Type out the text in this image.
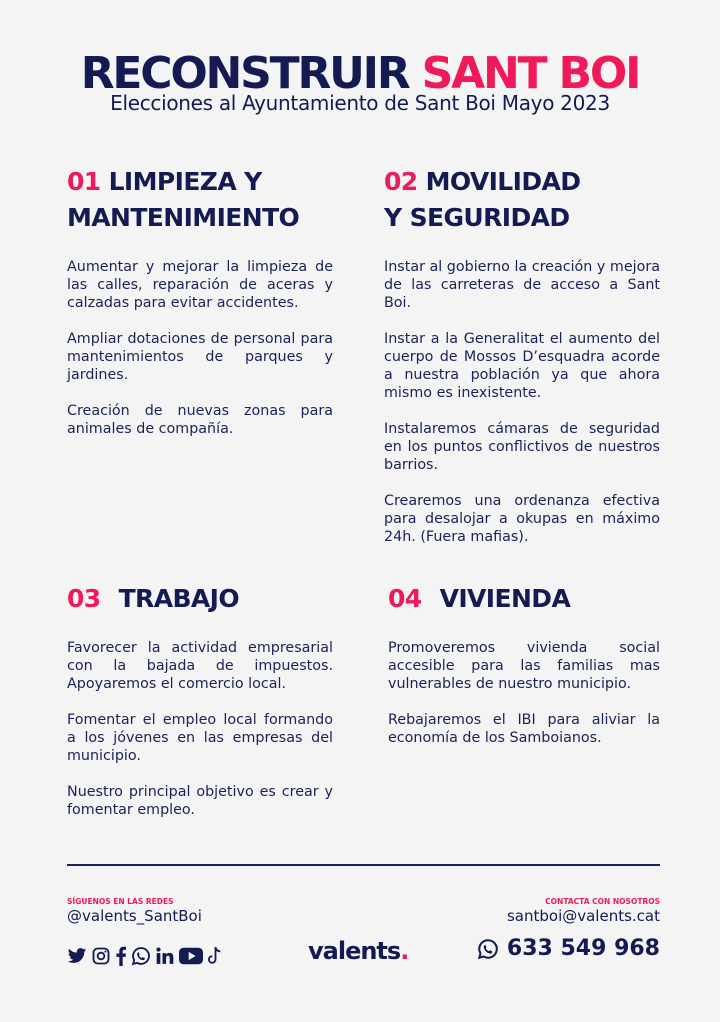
RECONSTRUIR SANT BOI
Elecciones al Ayuntamiento de Sant Boi Mayo 2023
01 LIMPIEZA Y
MANTENIMIENTO

Aumentar y mejorar la limpieza de las calles, reparación de aceras y calzadas para evitar accidentes.

Ampliar dotaciones de personal para mantenimientos de parques y jardines.

Creación de nuevas zonas para animales de compañía.

02 MOVILIDAD
Y SEGURIDAD

Instar al gobierno la creación y mejora de las carreteras de acceso a Sant Boi.

Instar a la Generalitat el aumento del cuerpo de Mossos D’esquadra acorde a nuestra población ya que ahora mismo es inexistente.

Instalaremos cámaras de seguridad en los puntos conflictivos de nuestros barrios.

Crearemos una ordenanza efectiva para desalojar a okupas en máximo 24h. (Fuera mafias).

03 TRABAJO

Favorecer la actividad empresarial con la bajada de impuestos. Apoyaremos el comercio local.

Fomentar el empleo local formando a los jóvenes en las empresas del municipio.

Nuestro principal objetivo es crear y fomentar empleo.

04 VIVIENDA

Promoveremos vivienda social accesible para las familias mas vulnerables de nuestro municipio.

Rebajaremos el IBI para aliviar la economía de los Samboianos.

SÍGUENOS EN LAS REDES
@valents_SantBoi
valents.
CONTACTA CON NOSOTROS
santboi@valents.cat
633 549 968
